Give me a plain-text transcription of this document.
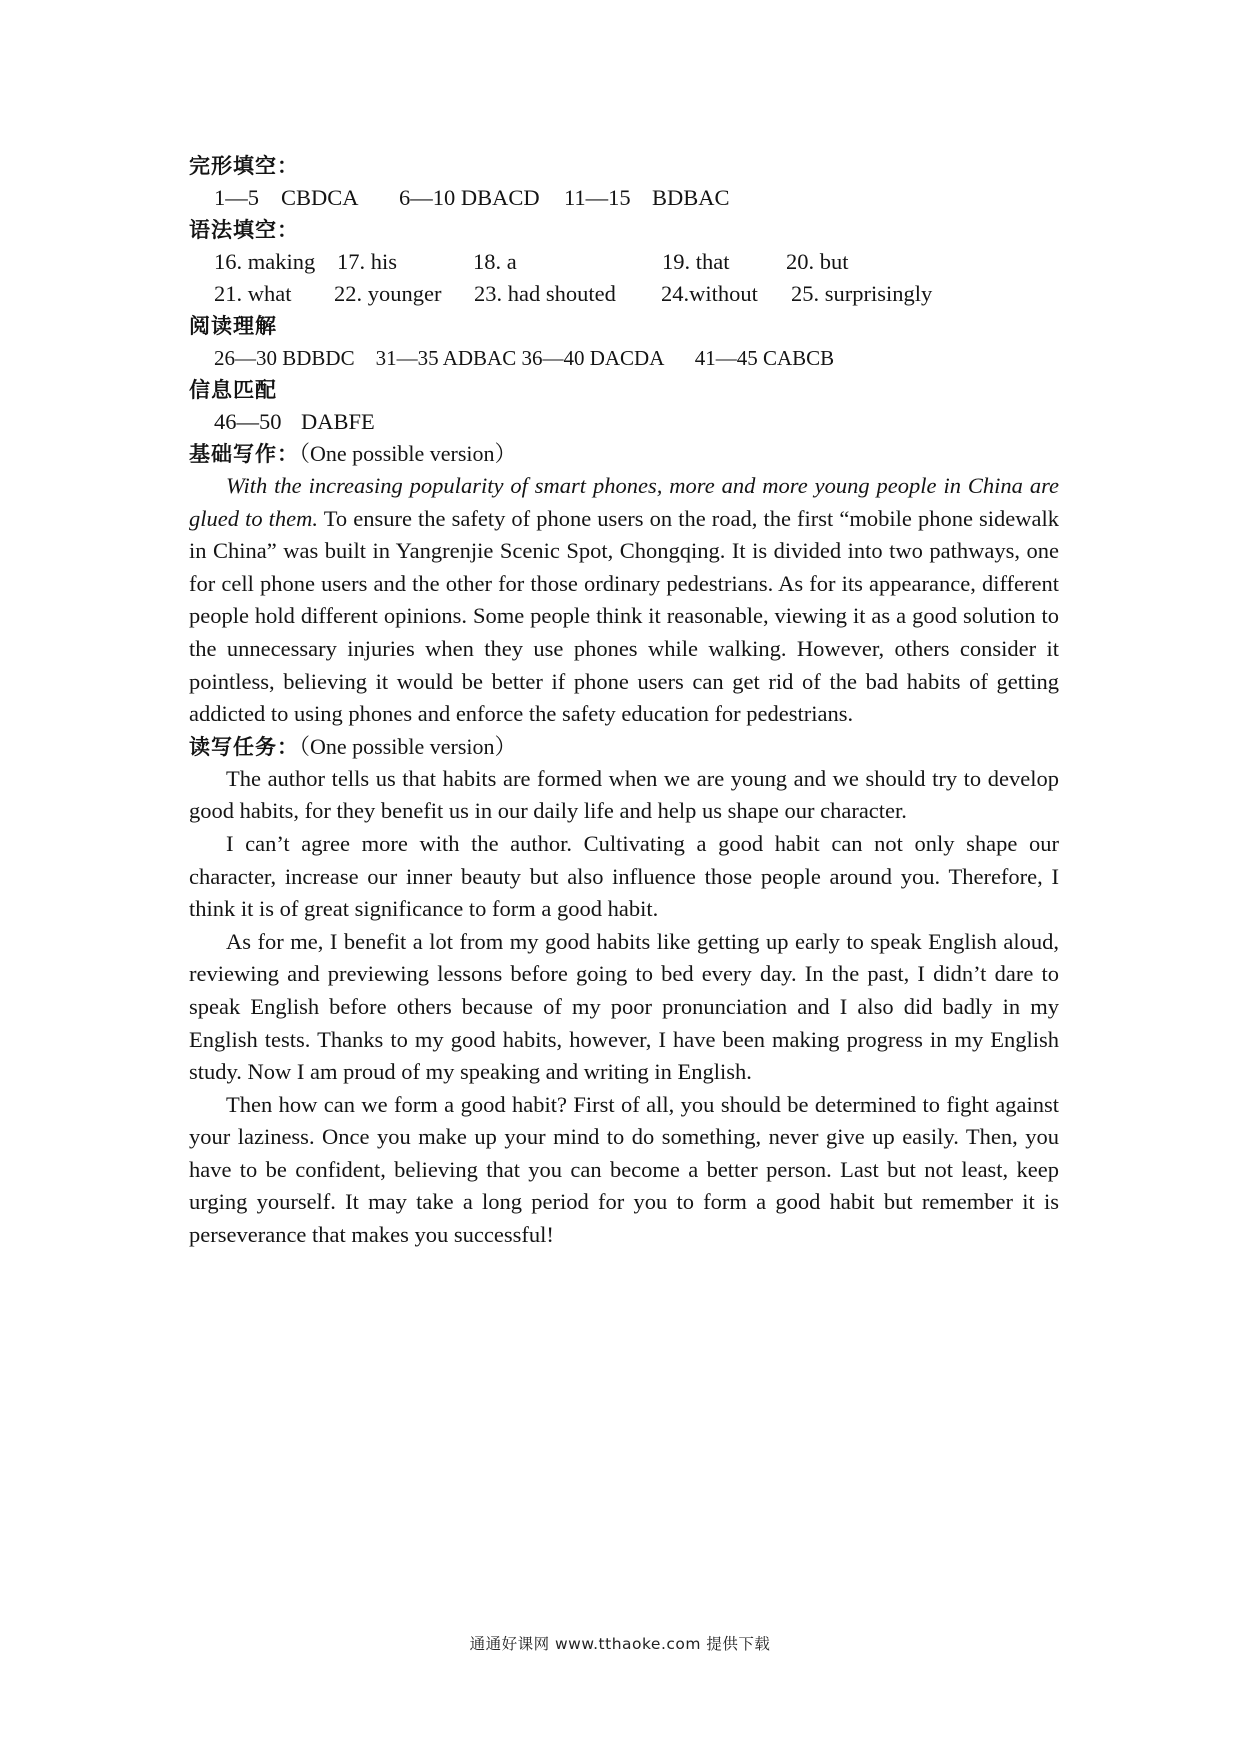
完形填空：
1—5 CBDCA 6—10 DBACD 11—15 BDBAC
语法填空：
16. making 17. his	18. a	19. that	20. but
21. what 22. younger 23. had shouted 24.without 25. surprisingly
阅读理解
26—30 BDBDC    31—35 ADBAC 36—40 DACDA      41—45 CABCB
信息匹配
46—50 DABFE
基础写作：（One possible version）

With the increasing popularity of smart phones, more and more young people in China are glued to them. To ensure the safety of phone users on the road, the first “mobile phone sidewalk in China” was built in Yangrenjie Scenic Spot, Chongqing. It is divided into two pathways, one for cell phone users and the other for those ordinary pedestrians. As for its appearance, different people hold different opinions. Some people think it reasonable, viewing it as a good solution to the unnecessary injuries when they use phones while walking. However, others consider it pointless, believing it would be better if phone users can get rid of the bad habits of getting addicted to using phones and enforce the safety education for pedestrians.

读写任务：（One possible version）

The author tells us that habits are formed when we are young and we should try to develop good habits, for they benefit us in our daily life and help us shape our character.

I can’t agree more with the author. Cultivating a good habit can not only shape our character, increase our inner beauty but also influence those people around you. Therefore, I think it is of great significance to form a good habit.

As for me, I benefit a lot from my good habits like getting up early to speak English aloud, reviewing and previewing lessons before going to bed every day. In the past, I didn’t dare to speak English before others because of my poor pronunciation and I also did badly in my English tests. Thanks to my good habits, however, I have been making progress in my English study. Now I am proud of my speaking and writing in English.

Then how can we form a good habit? First of all, you should be determined to fight against your laziness. Once you make up your mind to do something, never give up easily. Then, you have to be confident, believing that you can become a better person. Last but not least, keep urging yourself. It may take a long period for you to form a good habit but remember it is perseverance that makes you successful!

通通好课网 www.tthaoke.com 提供下载
